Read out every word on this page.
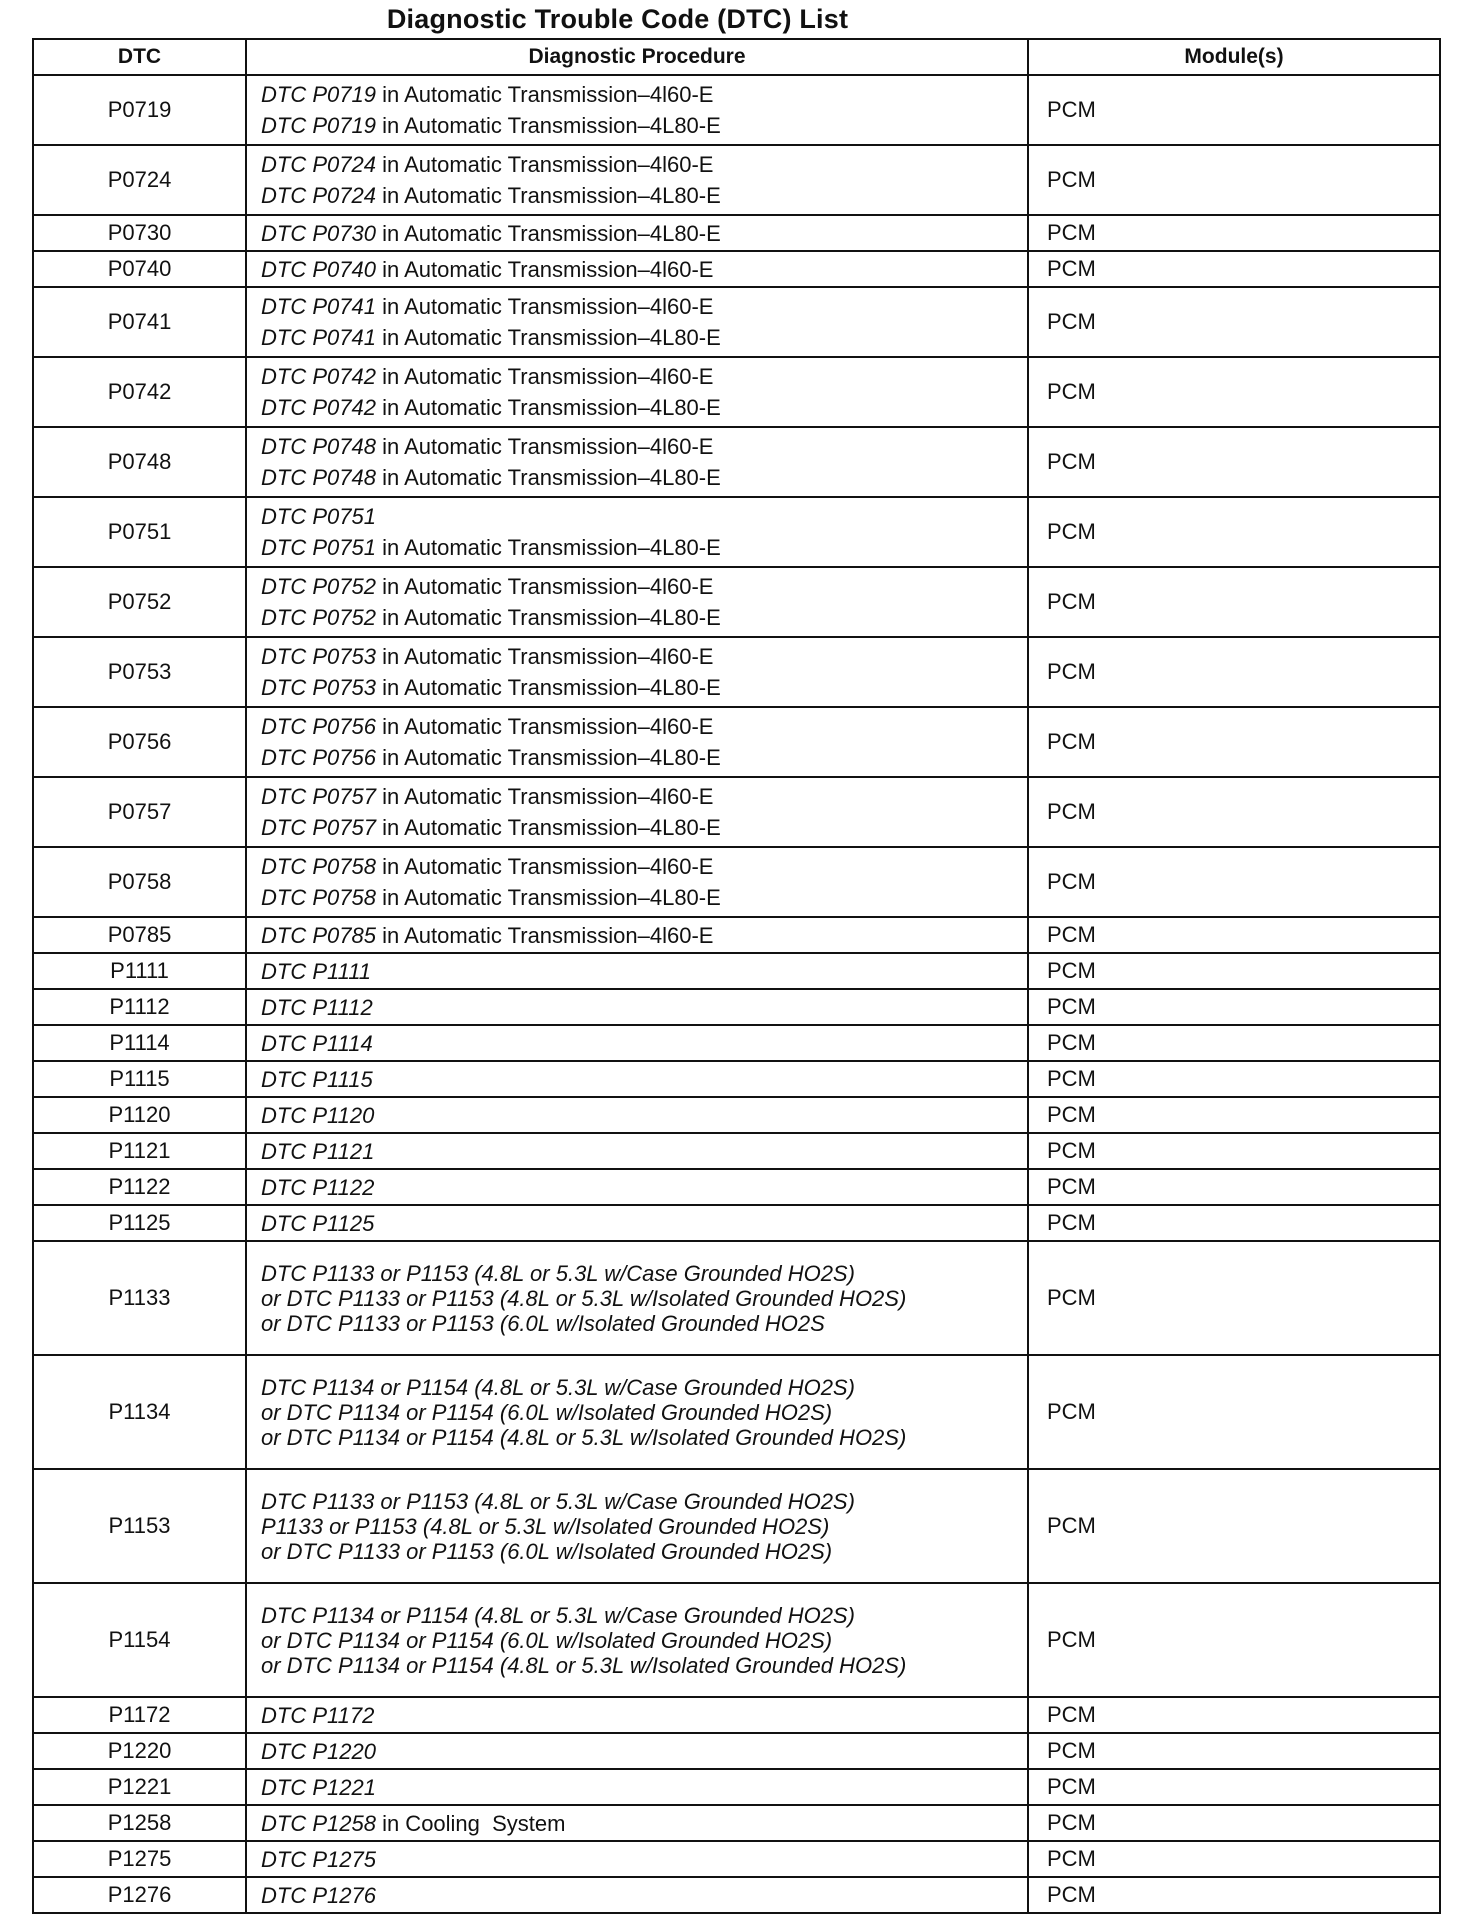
Diagnostic Trouble Code (DTC) List
DTC	Diagnostic Procedure	Module(s)
P0719	DTC P0719 in Automatic Transmission–4l60-E
DTC P0719 in Automatic Transmission–4L80-E	PCM
P0724	DTC P0724 in Automatic Transmission–4l60-E
DTC P0724 in Automatic Transmission–4L80-E	PCM
P0730	DTC P0730 in Automatic Transmission–4L80-E	PCM
P0740	DTC P0740 in Automatic Transmission–4l60-E	PCM
P0741	DTC P0741 in Automatic Transmission–4l60-E
DTC P0741 in Automatic Transmission–4L80-E	PCM
P0742	DTC P0742 in Automatic Transmission–4l60-E
DTC P0742 in Automatic Transmission–4L80-E	PCM
P0748	DTC P0748 in Automatic Transmission–4l60-E
DTC P0748 in Automatic Transmission–4L80-E	PCM
P0751	DTC P0751
DTC P0751 in Automatic Transmission–4L80-E	PCM
P0752	DTC P0752 in Automatic Transmission–4l60-E
DTC P0752 in Automatic Transmission–4L80-E	PCM
P0753	DTC P0753 in Automatic Transmission–4l60-E
DTC P0753 in Automatic Transmission–4L80-E	PCM
P0756	DTC P0756 in Automatic Transmission–4l60-E
DTC P0756 in Automatic Transmission–4L80-E	PCM
P0757	DTC P0757 in Automatic Transmission–4l60-E
DTC P0757 in Automatic Transmission–4L80-E	PCM
P0758	DTC P0758 in Automatic Transmission–4l60-E
DTC P0758 in Automatic Transmission–4L80-E	PCM
P0785	DTC P0785 in Automatic Transmission–4l60-E	PCM
P1111	DTC P1111	PCM
P1112	DTC P1112	PCM
P1114	DTC P1114	PCM
P1115	DTC P1115	PCM
P1120	DTC P1120	PCM
P1121	DTC P1121	PCM
P1122	DTC P1122	PCM
P1125	DTC P1125	PCM
P1133	DTC P1133 or P1153 (4.8L or 5.3L w/Case Grounded HO2S)
or DTC P1133 or P1153 (4.8L or 5.3L w/Isolated Grounded HO2S)
or DTC P1133 or P1153 (6.0L w/Isolated Grounded HO2S	PCM
P1134	DTC P1134 or P1154 (4.8L or 5.3L w/Case Grounded HO2S)
or DTC P1134 or P1154 (6.0L w/Isolated Grounded HO2S)
or DTC P1134 or P1154 (4.8L or 5.3L w/Isolated Grounded HO2S)	PCM
P1153	DTC P1133 or P1153 (4.8L or 5.3L w/Case Grounded HO2S)
P1133 or P1153 (4.8L or 5.3L w/Isolated Grounded HO2S)
or DTC P1133 or P1153 (6.0L w/Isolated Grounded HO2S)	PCM
P1154	DTC P1134 or P1154 (4.8L or 5.3L w/Case Grounded HO2S)
or DTC P1134 or P1154 (6.0L w/Isolated Grounded HO2S)
or DTC P1134 or P1154 (4.8L or 5.3L w/Isolated Grounded HO2S)	PCM
P1172	DTC P1172	PCM
P1220	DTC P1220	PCM
P1221	DTC P1221	PCM
P1258	DTC P1258 in Cooling  System	PCM
P1275	DTC P1275	PCM
P1276	DTC P1276	PCM
